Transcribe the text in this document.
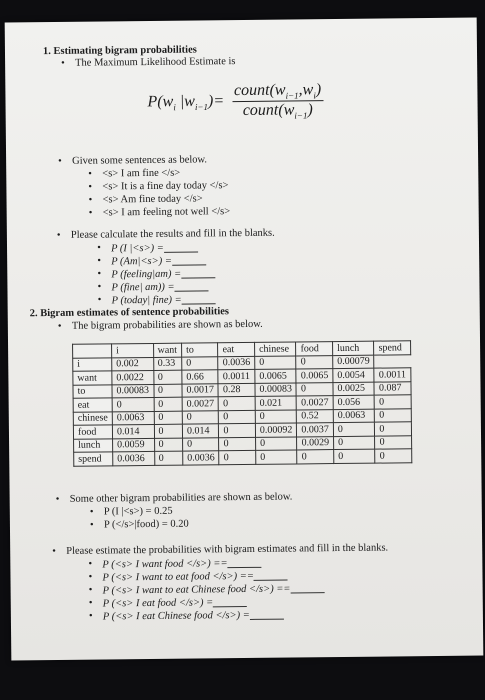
1. Estimating bigram probabilities
• The Maximum Likelihood Estimate is
$P(w_i$ $|w_{i-1})= \frac{count(w_{i-1},w_i)}{count(w_{i-1})}$
• Given some sentences as below.
• <s> I am fine </s>
• <s> It is a fine day today </s>
• <s> Am fine today </s>
• <s> I am feeling not well </s>
• Please calculate the results and fill in the blanks.
• P (I |<s>) =
• P (Am|<s>) =
• P (feeling|am) =
• P (fine| am)) =
• P (today| fine) =
2. Bigram estimates of sentence probabilities
• The bigram probabilities are shown as below.
	i	want	to	eat	chinese	food	lunch	spend
i	0.002	0.33	0	0.0036	0	0	0.00079	
want	0.0022	0	0.66	0.0011	0.0065	0.0065	0.0054	0.0011
to	0.00083	0	0.0017	0.28	0.00083	0	0.0025	0.087
eat	0	0	0.0027	0	0.021	0.0027	0.056	0
chinese	0.0063	0	0	0	0	0.52	0.0063	0
food	0.014	0	0.014	0	0.00092	0.0037	0	0
lunch	0.0059	0	0	0	0	0.0029	0	0
spend	0.0036	0	0.0036	0	0	0	0	0
• Some other bigram probabilities are shown as below.
• P (I |<s>) = 0.25
• P (</s>|food) = 0.20
• Please estimate the probabilities with bigram estimates and fill in the blanks.
• P (<s> I want food </s>) ==
• P (<s> I want to eat food </s>) ==
• P (<s> I want to eat Chinese food </s>) ==
• P (<s> I eat food </s>) =
• P (<s> I eat Chinese food </s>) =
